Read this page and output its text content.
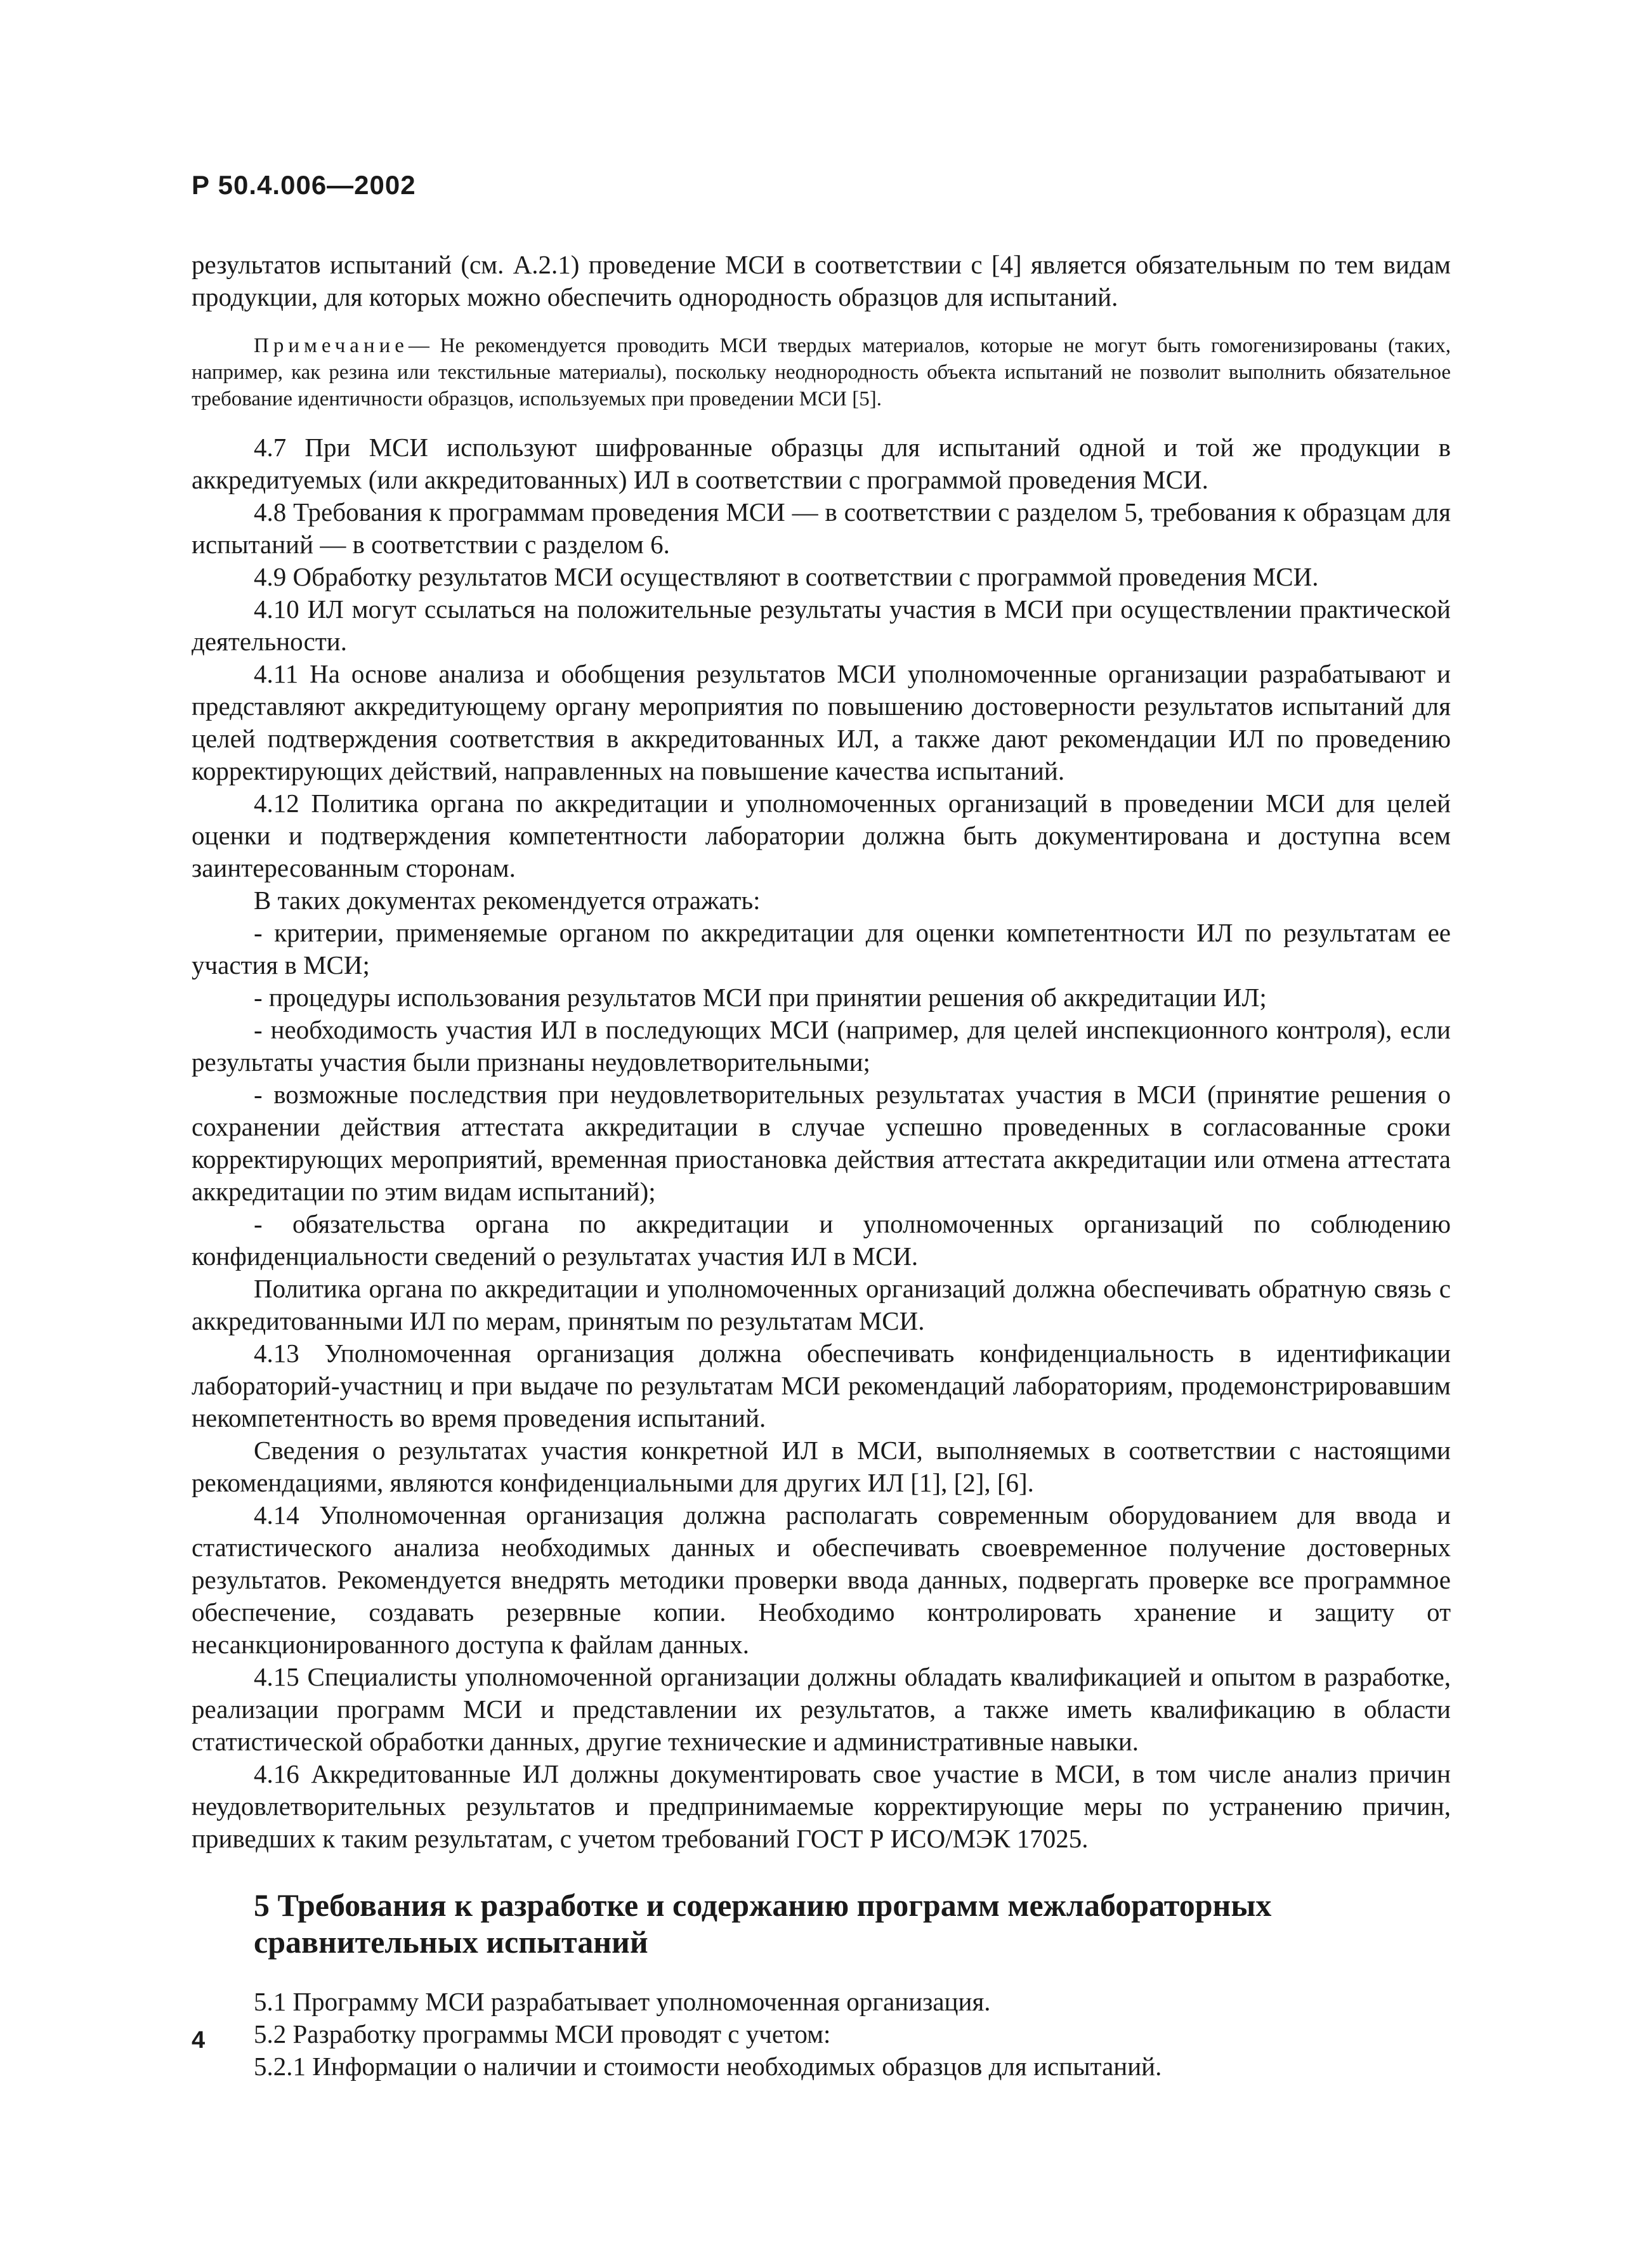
Р 50.4.006—2002

результатов испытаний (см. А.2.1) проведение МСИ в соответствии с [4] является обязательным по тем видам продукции, для которых можно обеспечить однородность образцов для испытаний.

Примечание— Не рекомендуется проводить МСИ твердых материалов, которые не могут быть гомогенизированы (таких, например, как резина или текстильные материалы), поскольку неоднородность объекта испытаний не позволит выполнить обязательное требование идентичности образцов, используемых при проведении МСИ [5].

4.7 При МСИ используют шифрованные образцы для испытаний одной и той же продукции в аккредитуемых (или аккредитованных) ИЛ в соответствии с программой проведения МСИ.

4.8 Требования к программам проведения МСИ — в соответствии с разделом 5, требования к образцам для испытаний — в соответствии с разделом 6.

4.9 Обработку результатов МСИ осуществляют в соответствии с программой проведения МСИ.

4.10 ИЛ могут ссылаться на положительные результаты участия в МСИ при осуществлении практической деятельности.

4.11 На основе анализа и обобщения результатов МСИ уполномоченные организации разрабатывают и представляют аккредитующему органу мероприятия по повышению достоверности результатов испытаний для целей подтверждения соответствия в аккредитованных ИЛ, а также дают рекомендации ИЛ по проведению корректирующих действий, направленных на повышение качества испытаний.

4.12 Политика органа по аккредитации и уполномоченных организаций в проведении МСИ для целей оценки и подтверждения компетентности лаборатории должна быть документирована и доступна всем заинтересованным сторонам.

В таких документах рекомендуется отражать:

- критерии, применяемые органом по аккредитации для оценки компетентности ИЛ по результатам ее участия в МСИ;

- процедуры использования результатов МСИ при принятии решения об аккредитации ИЛ;

- необходимость участия ИЛ в последующих МСИ (например, для целей инспекционного контроля), если результаты участия были признаны неудовлетворительными;

- возможные последствия при неудовлетворительных результатах участия в МСИ (принятие решения о сохранении действия аттестата аккредитации в случае успешно проведенных в согласованные сроки корректирующих мероприятий, временная приостановка действия аттестата аккредитации или отмена аттестата аккредитации по этим видам испытаний);

- обязательства органа по аккредитации и уполномоченных организаций по соблюдению конфиденциальности сведений о результатах участия ИЛ в МСИ.

Политика органа по аккредитации и уполномоченных организаций должна обеспечивать обратную связь с аккредитованными ИЛ по мерам, принятым по результатам МСИ.

4.13 Уполномоченная организация должна обеспечивать конфиденциальность в идентификации лабораторий-участниц и при выдаче по результатам МСИ рекомендаций лабораториям, продемонстрировавшим некомпетентность во время проведения испытаний.

Сведения о результатах участия конкретной ИЛ в МСИ, выполняемых в соответствии с настоящими рекомендациями, являются конфиденциальными для других ИЛ [1], [2], [6].

4.14 Уполномоченная организация должна располагать современным оборудованием для ввода и статистического анализа необходимых данных и обеспечивать своевременное получение достоверных результатов. Рекомендуется внедрять методики проверки ввода данных, подвергать проверке все программное обеспечение, создавать резервные копии. Необходимо контролировать хранение и защиту от несанкционированного доступа к файлам данных.

4.15 Специалисты уполномоченной организации должны обладать квалификацией и опытом в разработке, реализации программ МСИ и представлении их результатов, а также иметь квалификацию в области статистической обработки данных, другие технические и административные навыки.

4.16 Аккредитованные ИЛ должны документировать свое участие в МСИ, в том числе анализ причин неудовлетворительных результатов и предпринимаемые корректирующие меры по устранению причин, приведших к таким результатам, с учетом требований ГОСТ Р ИСО/МЭК 17025.

5 Требования к разработке и содержанию программ межлабораторных сравнительных испытаний

5.1 Программу МСИ разрабатывает уполномоченная организация.

5.2 Разработку программы МСИ проводят с учетом:

5.2.1 Информации о наличии и стоимости необходимых образцов для испытаний.

4
